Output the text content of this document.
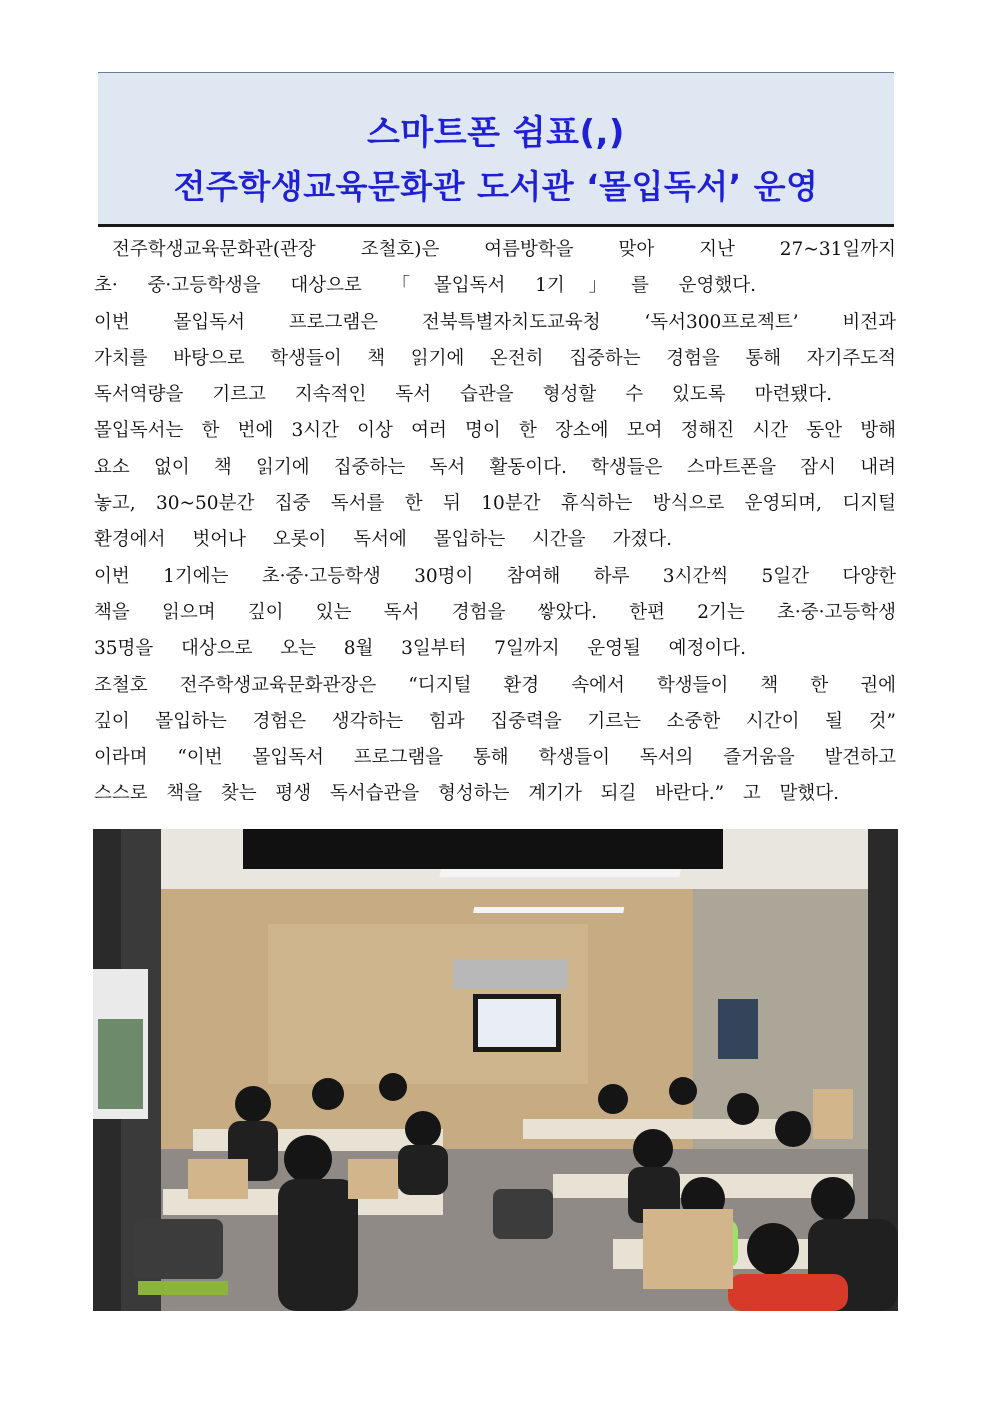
스마트폰 쉼표(,)
전주학생교육문화관 도서관 ‘몰입독서’ 운영
전주학생교육문화관(관장 조철호)은 여름방학을 맞아 지난 27~31일까지
초· 중·고등학생을 대상으로 「몰입독서 1기」를 운영했다.
이번 몰입독서 프로그램은 전북특별자치도교육청 ‘독서300프로젝트’ 비전과
가치를 바탕으로 학생들이 책 읽기에 온전히 집중하는 경험을 통해 자기주도적
독서역량을 기르고 지속적인 독서 습관을 형성할 수 있도록 마련됐다.
몰입독서는 한 번에 3시간 이상 여러 명이 한 장소에 모여 정해진 시간 동안 방해
요소 없이 책 읽기에 집중하는 독서 활동이다. 학생들은 스마트폰을 잠시 내려
놓고, 30~50분간 집중 독서를 한 뒤 10분간 휴식하는 방식으로 운영되며, 디지털
환경에서 벗어나 오롯이 독서에 몰입하는 시간을 가졌다.
이번 1기에는 초·중·고등학생 30명이 참여해 하루 3시간씩 5일간 다양한
책을 읽으며 깊이 있는 독서 경험을 쌓았다. 한편 2기는 초·중·고등학생
35명을 대상으로 오는 8월 3일부터 7일까지 운영될 예정이다.
조철호 전주학생교육문화관장은 “디지털 환경 속에서 학생들이 책 한 권에
깊이 몰입하는 경험은 생각하는 힘과 집중력을 기르는 소중한 시간이 될 것”
이라며 “이번 몰입독서 프로그램을 통해 학생들이 독서의 즐거움을 발견하고
스스로 책을 찾는 평생 독서습관을 형성하는 계기가 되길 바란다.” 고 말했다.
